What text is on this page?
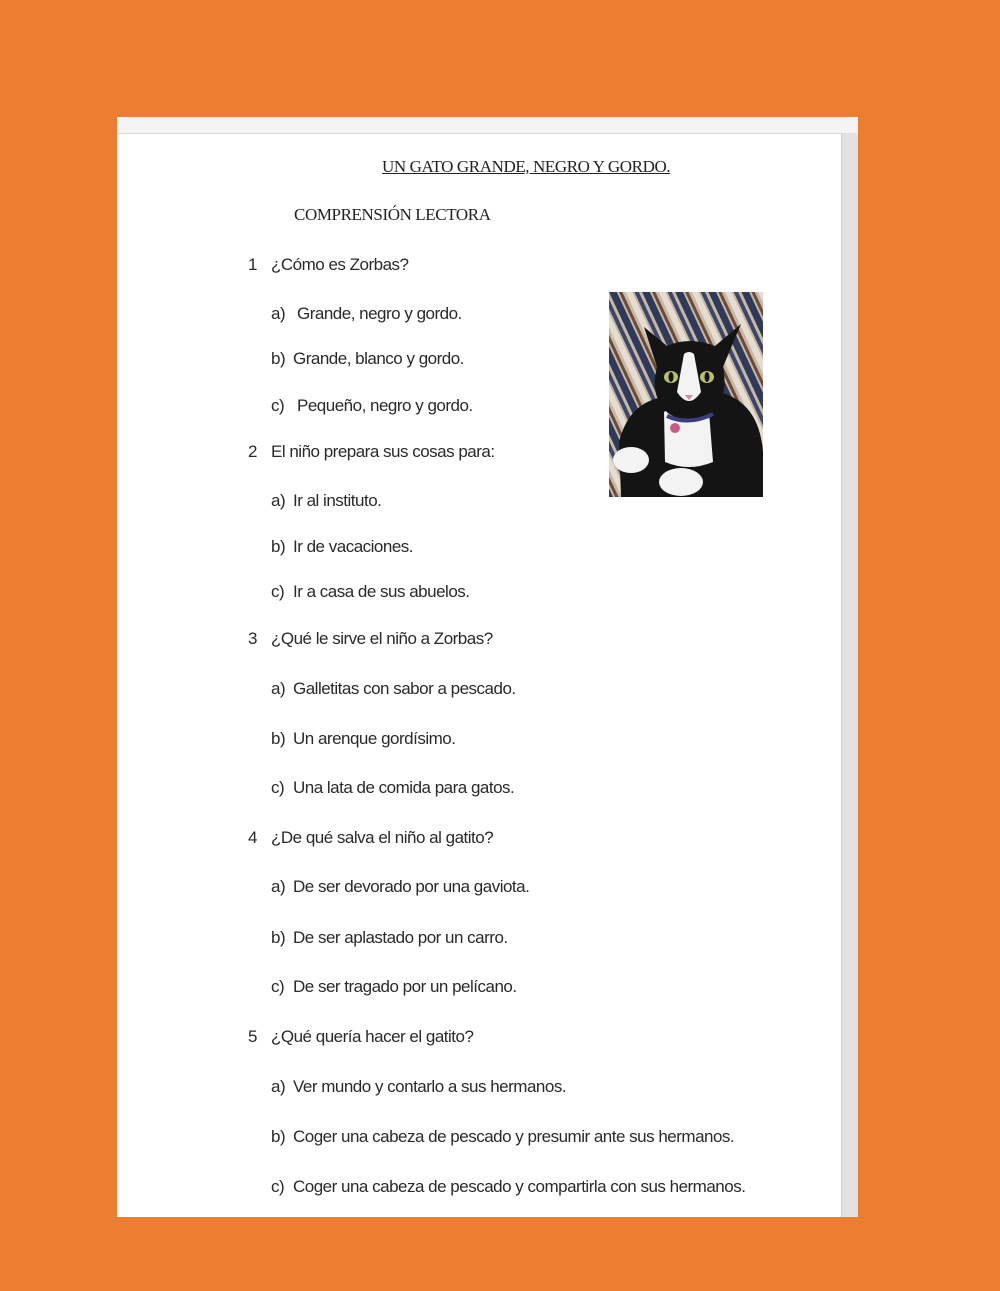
UN GATO GRANDE, NEGRO Y GORDO.
COMPRENSIÓN LECTORA
1 ¿Cómo es Zorbas?
a) Grande, negro y gordo.
b) Grande, blanco y gordo.
c) Pequeño, negro y gordo.
2 El niño prepara sus cosas para:
a) Ir al instituto.
b) Ir de vacaciones.
c) Ir a casa de sus abuelos.
3 ¿Qué le sirve el niño a Zorbas?
a) Galletitas con sabor a pescado.
b) Un arenque gordísimo.
c) Una lata de comida para gatos.
4 ¿De qué salva el niño al gatito?
a) De ser devorado por una gaviota.
b) De ser aplastado por un carro.
c) De ser tragado por un pelícano.
5 ¿Qué quería hacer el gatito?
a) Ver mundo y contarlo a sus hermanos.
b) Coger una cabeza de pescado y presumir ante sus hermanos.
c) Coger una cabeza de pescado y compartirla con sus hermanos.
